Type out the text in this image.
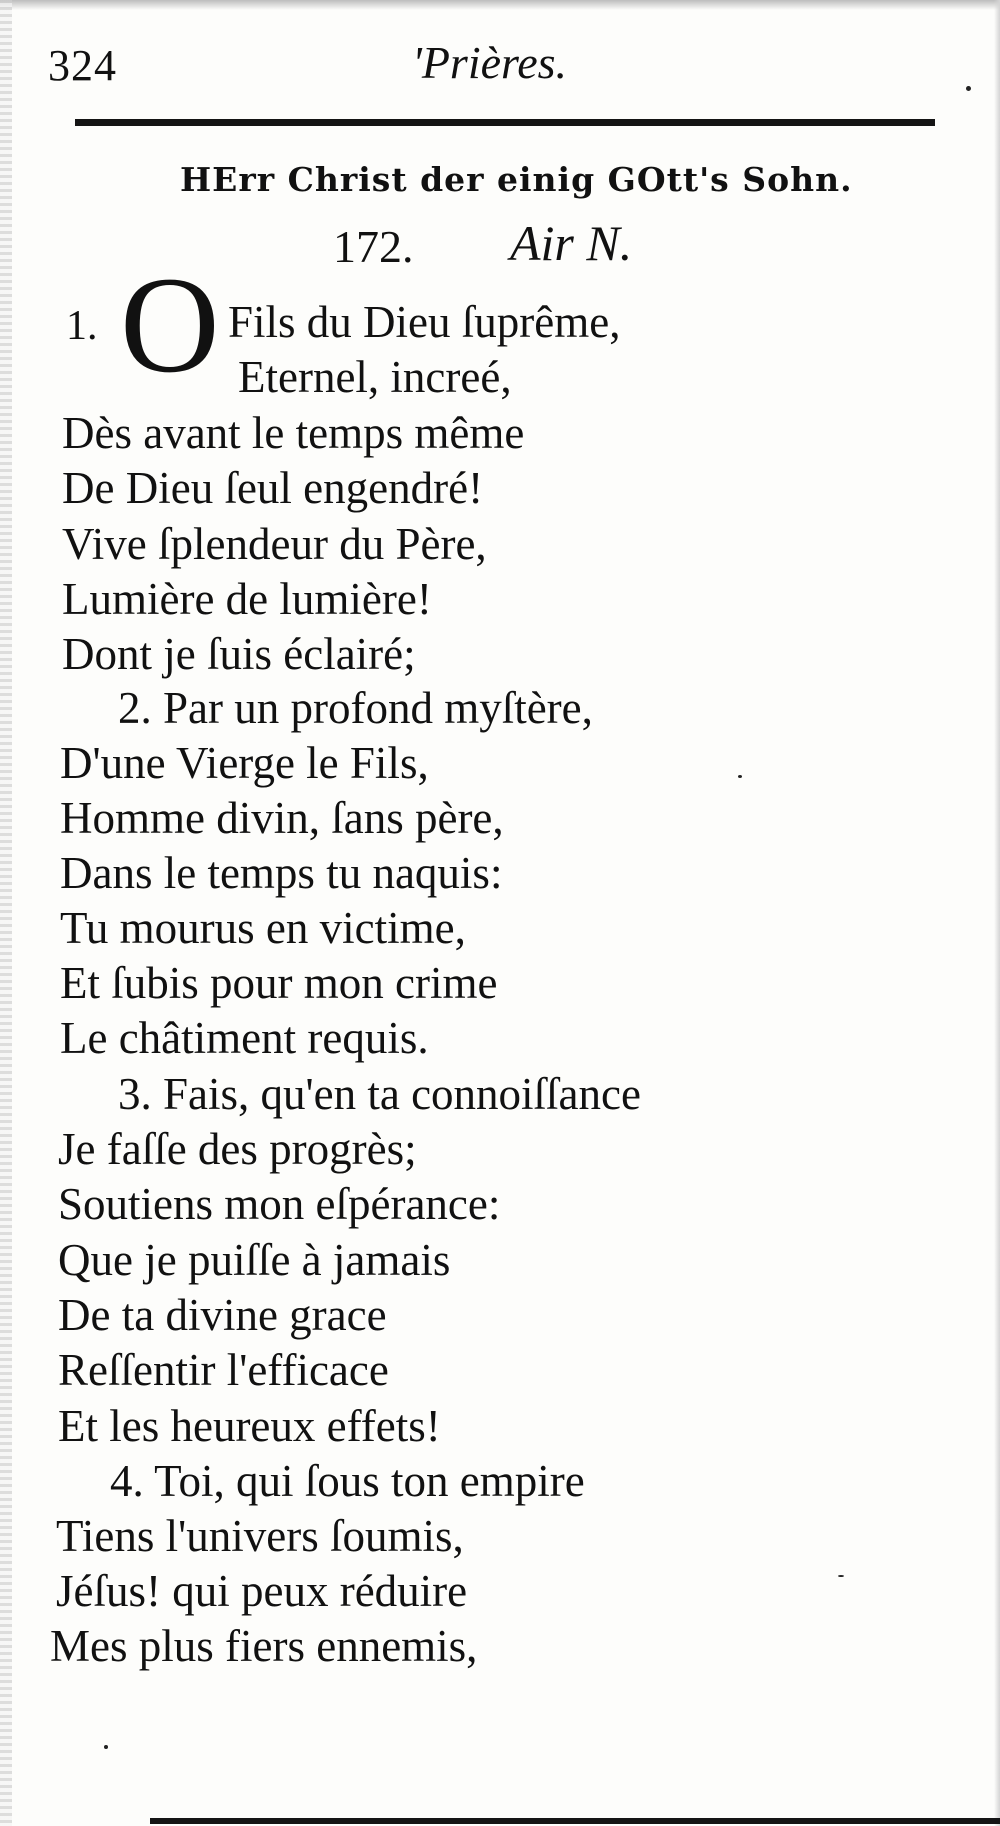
324	'Prières.
HErr Christ der einig GOtt's Sohn.
172. Air N.
1. O Fils du Dieu ſuprême,
Eternel, increé,
Dès avant le temps même
De Dieu ſeul engendré!
Vive ſplendeur du Père,
Lumière de lumière!
Dont je ſuis éclairé;
2. Par un profond myſtère,
D'une Vierge le Fils,
Homme divin, ſans père,
Dans le temps tu naquis:
Tu mourus en victime,
Et ſubis pour mon crime
Le châtiment requis.
3. Fais, qu'en ta connoiſſance
Je faſſe des progrès;
Soutiens mon eſpérance:
Que je puiſſe à jamais
De ta divine grace
Reſſentir l'efficace
Et les heureux effets!
4. Toi, qui ſous ton empire
Tiens l'univers ſoumis,
Jéſus! qui peux réduire
Mes plus fiers ennemis,
